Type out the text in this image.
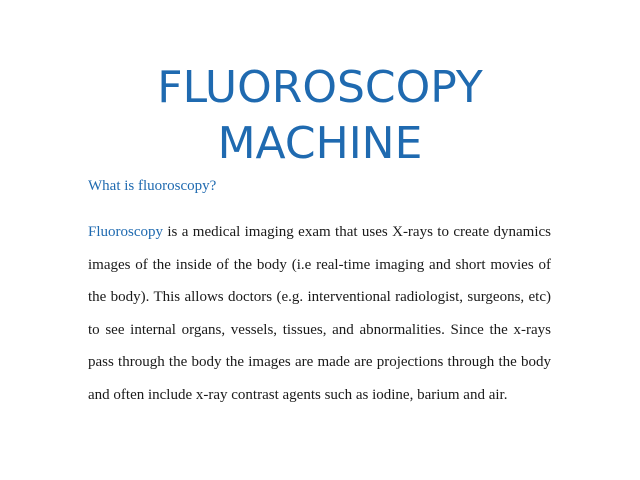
FLUOROSCOPY
MACHINE
What is fluoroscopy?
Fluoroscopy is a medical imaging exam that uses X-rays to create dynamics images of the inside of the body (i.e real-time imaging and short movies of the body). This allows doctors (e.g. interventional radiologist, surgeons, etc) to see internal organs, vessels, tissues, and abnormalities. Since the x-rays pass through the body the images are made are projections through the body and often include x-ray contrast agents such as iodine, barium and air.
